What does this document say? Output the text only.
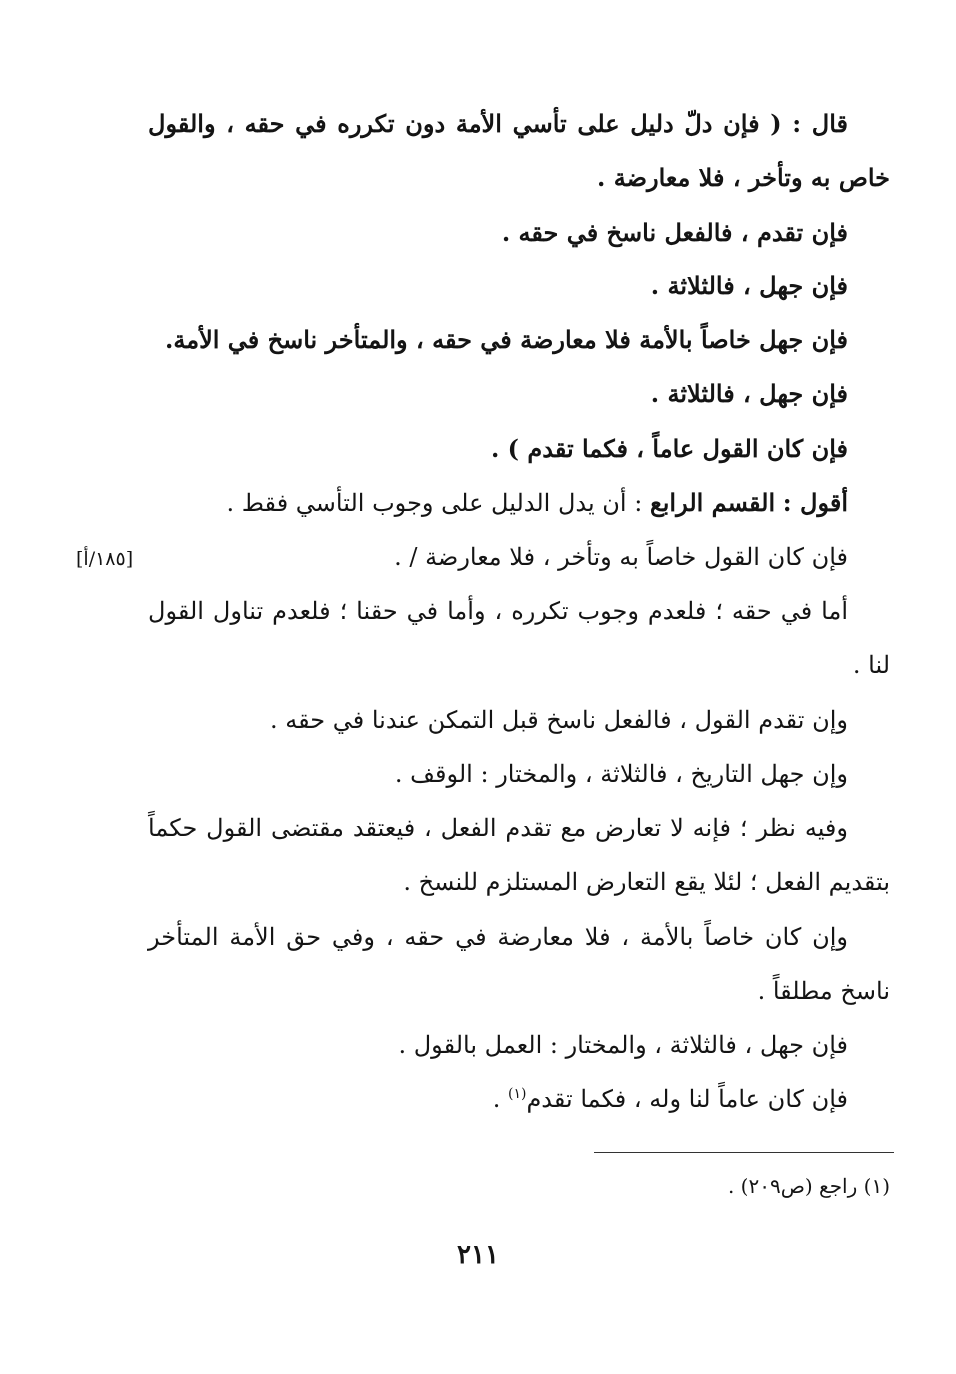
قال : ( فإن دلّ دليل على تأسي الأمة دون تكرره في حقه ، والقول
خاص به وتأخر ، فلا معارضة .
فإن تقدم ، فالفعل ناسخ في حقه .
فإن جهل ، فالثلاثة .
فإن جهل خاصاً بالأمة فلا معارضة في حقه ، والمتأخر ناسخ في الأمة.
فإن جهل ، فالثلاثة .
فإن كان القول عاماً ، فكما تقدم ) .
أقول : القسم الرابع : أن يدل الدليل على وجوب التأسي فقط .
فإن كان القول خاصاً به وتأخر ، فلا معارضة / .
[١٨٥/أ]
أما في حقه ؛ فلعدم وجوب تكرره ، وأما في حقنا ؛ فلعدم تناول القول
لنا .
وإن تقدم القول ، فالفعل ناسخ قبل التمكن عندنا في حقه .
وإن جهل التاريخ ، فالثلاثة ، والمختار : الوقف .
وفيه نظر ؛ فإنه لا تعارض مع تقدم الفعل ، فيعتقد مقتضى القول حكماً
بتقديم الفعل ؛ لئلا يقع التعارض المستلزم للنسخ .
وإن كان خاصاً بالأمة ، فلا معارضة في حقه ، وفي حق الأمة المتأخر
ناسخ مطلقاً .
فإن جهل ، فالثلاثة ، والمختار : العمل بالقول .
فإن كان عاماً لنا وله ، فكما تقدم$^{(١)}$ .
(١) راجع (ص٢٠٩) .
٢١١
